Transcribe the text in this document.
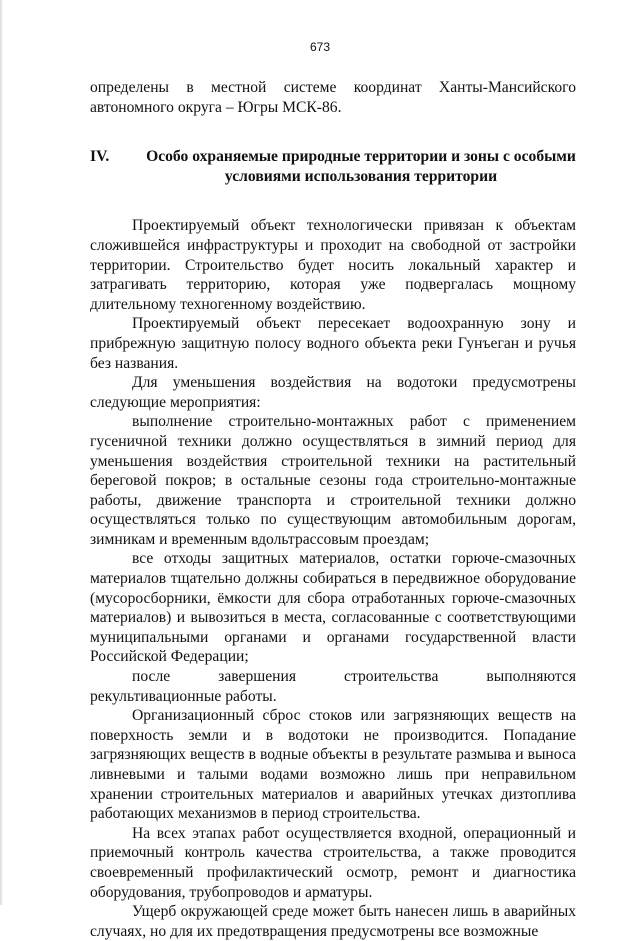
673

определены в местной системе координат Ханты-Мансийского автономного округа – Югры МСК-86.

IV. Особо охраняемые природные территории и зоны с особыми условиями использования территории

Проектируемый объект технологически привязан к объектам сложившейся инфраструктуры и проходит на свободной от застройки территории. Строительство будет носить локальный характер и затрагивать территорию, которая уже подвергалась мощному длительному техногенному воздействию.

Проектируемый объект пересекает водоохранную зону и прибрежную защитную полосу водного объекта реки Гунъеган и ручья без названия.

Для уменьшения воздействия на водотоки предусмотрены следующие мероприятия:

выполнение строительно-монтажных работ с применением гусеничной техники должно осуществляться в зимний период для уменьшения воздействия строительной техники на растительный береговой покров; в остальные сезоны года строительно-монтажные работы, движение транспорта и строительной техники должно осуществляться только по существующим автомобильным дорогам, зимникам и временным вдольтрассовым проездам;

все отходы защитных материалов, остатки горюче-смазочных материалов тщательно должны собираться в передвижное оборудование (мусоросборники, ёмкости для сбора отработанных горюче-смазочных материалов) и вывозиться в места, согласованные с соответствующими муниципальными органами и органами государственной власти Российской Федерации;

после завершения строительства выполняются рекультивационные работы.

Организационный сброс стоков или загрязняющих веществ на поверхность земли и в водотоки не производится. Попадание загрязняющих веществ в водные объекты в результате размыва и выноса ливневыми и талыми водами возможно лишь при неправильном хранении строительных материалов и аварийных утечках дизтоплива работающих механизмов в период строительства.

На всех этапах работ осуществляется входной, операционный и приемочный контроль качества строительства, а также проводится своевременный профилактический осмотр, ремонт и диагностика оборудования, трубопроводов и арматуры.

Ущерб окружающей среде может быть нанесен лишь в аварийных случаях, но для их предотвращения предусмотрены все возможные
